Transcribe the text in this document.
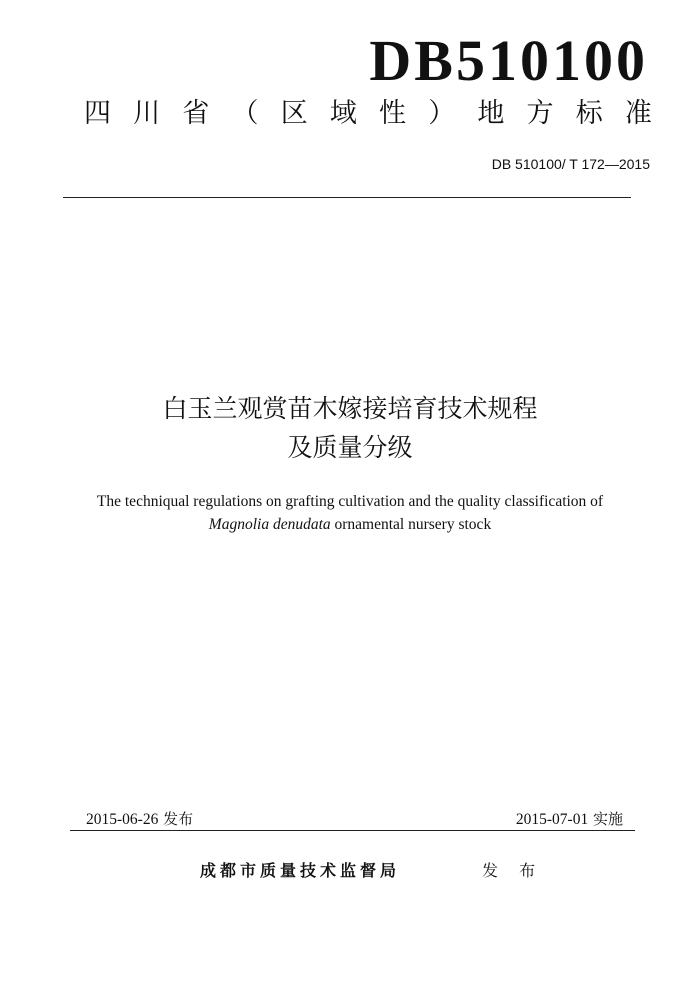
DB510100
四 川 省 （ 区 域 性 ） 地 方 标 准
DB 510100/ T 172—2015
白玉兰观赏苗木嫁接培育技术规程
及质量分级
The techniqual regulations on grafting cultivation and the quality classification of
Magnolia denudata ornamental nursery stock
2015-06-26 发布	2015-07-01 实施
成都市质量技术监督局	发 布
